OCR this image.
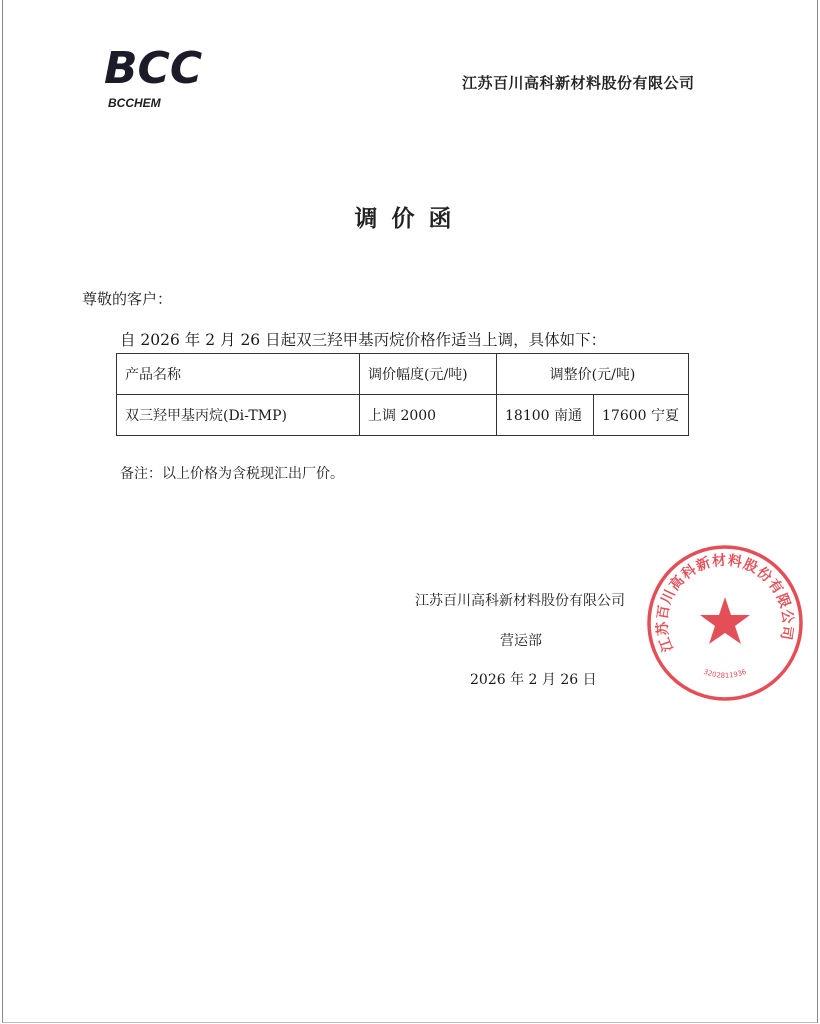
BCC
BCCHEM
江苏百川高科新材料股份有限公司
调价函
尊敬的客户：
自 2026 年 2 月 26 日起双三羟甲基丙烷价格作适当上调，具体如下：
产品名称	调价幅度(元/吨)	调整价(元/吨)	
双三羟甲基丙烷(Di-TMP)	上调 2000	18100 南通	17600 宁夏
备注：以上价格为含税现汇出厂价。
江苏百川高科新材料股份有限公司
营运部
2026 年 2 月 26 日
江苏百川高科新材料股份有限公司
3202811936
